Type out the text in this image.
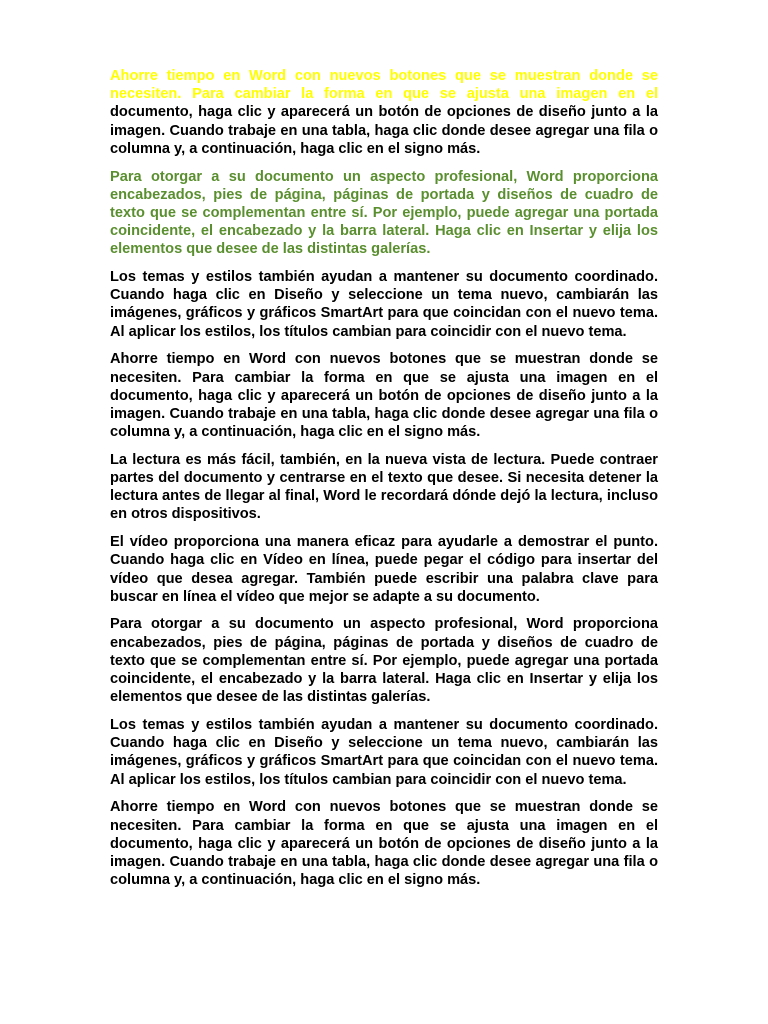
Ahorre tiempo en Word con nuevos botones que se muestran donde se necesiten. Para cambiar la forma en que se ajusta una imagen en el documento, haga clic y aparecerá un botón de opciones de diseño junto a la imagen. Cuando trabaje en una tabla, haga clic donde desee agregar una fila o columna y, a continuación, haga clic en el signo más.

Para otorgar a su documento un aspecto profesional, Word proporciona encabezados, pies de página, páginas de portada y diseños de cuadro de texto que se complementan entre sí. Por ejemplo, puede agregar una portada coincidente, el encabezado y la barra lateral. Haga clic en Insertar y elija los elementos que desee de las distintas galerías.

Los temas y estilos también ayudan a mantener su documento coordinado. Cuando haga clic en Diseño y seleccione un tema nuevo, cambiarán las imágenes, gráficos y gráficos SmartArt para que coincidan con el nuevo tema. Al aplicar los estilos, los títulos cambian para coincidir con el nuevo tema.

Ahorre tiempo en Word con nuevos botones que se muestran donde se necesiten. Para cambiar la forma en que se ajusta una imagen en el documento, haga clic y aparecerá un botón de opciones de diseño junto a la imagen. Cuando trabaje en una tabla, haga clic donde desee agregar una fila o columna y, a continuación, haga clic en el signo más.

La lectura es más fácil, también, en la nueva vista de lectura. Puede contraer partes del documento y centrarse en el texto que desee. Si necesita detener la lectura antes de llegar al final, Word le recordará dónde dejó la lectura, incluso en otros dispositivos.

El vídeo proporciona una manera eficaz para ayudarle a demostrar el punto. Cuando haga clic en Vídeo en línea, puede pegar el código para insertar del vídeo que desea agregar. También puede escribir una palabra clave para buscar en línea el vídeo que mejor se adapte a su documento.

Para otorgar a su documento un aspecto profesional, Word proporciona encabezados, pies de página, páginas de portada y diseños de cuadro de texto que se complementan entre sí. Por ejemplo, puede agregar una portada coincidente, el encabezado y la barra lateral. Haga clic en Insertar y elija los elementos que desee de las distintas galerías.

Los temas y estilos también ayudan a mantener su documento coordinado. Cuando haga clic en Diseño y seleccione un tema nuevo, cambiarán las imágenes, gráficos y gráficos SmartArt para que coincidan con el nuevo tema. Al aplicar los estilos, los títulos cambian para coincidir con el nuevo tema.

Ahorre tiempo en Word con nuevos botones que se muestran donde se necesiten. Para cambiar la forma en que se ajusta una imagen en el documento, haga clic y aparecerá un botón de opciones de diseño junto a la imagen. Cuando trabaje en una tabla, haga clic donde desee agregar una fila o columna y, a continuación, haga clic en el signo más.
